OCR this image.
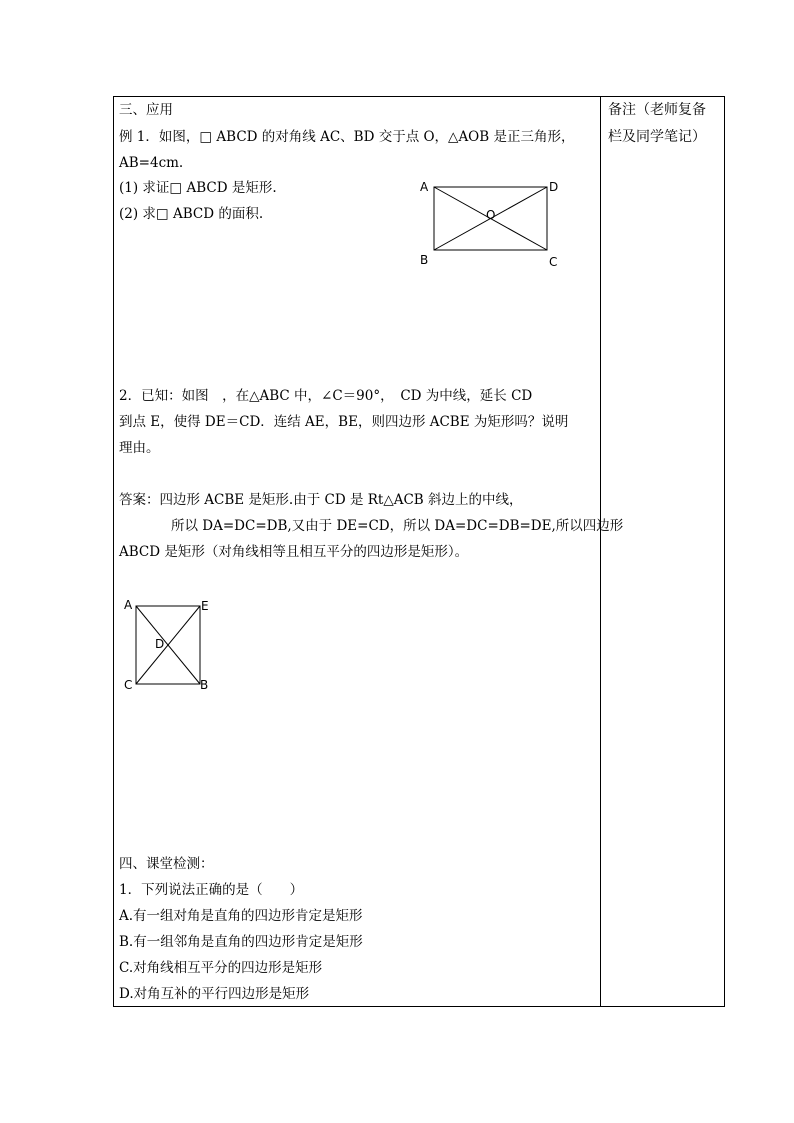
三、应用
例 1．如图，□ ABCD 的对角线 AC、BD 交于点 O，△AOB 是正三角形，
AB=4cm.
(1) 求证□ ABCD 是矩形.
(2) 求□ ABCD 的面积.
2．已知：如图　，在△ABC 中，∠C＝90°，　CD 为中线，延长 CD
到点 E，使得 DE＝CD．连结 AE，BE，则四边形 ACBE 为矩形吗？说明
理由。
答案：四边形 ACBE 是矩形.由于 CD 是 Rt△ACB 斜边上的中线，
所以 DA=DC=DB,又由于 DE=CD，所以 DA=DC=DB=DE,所以四边形
ABCD 是矩形（对角线相等且相互平分的四边形是矩形）。
四、课堂检测：
1．下列说法正确的是（　　）
A.有一组对角是直角的四边形肯定是矩形
B.有一组邻角是直角的四边形肯定是矩形
C.对角线相互平分的四边形是矩形
D.对角互补的平行四边形是矩形
备注（老师复备
栏及同学笔记）
A	D
O
B	C
A	E
D
C	B
